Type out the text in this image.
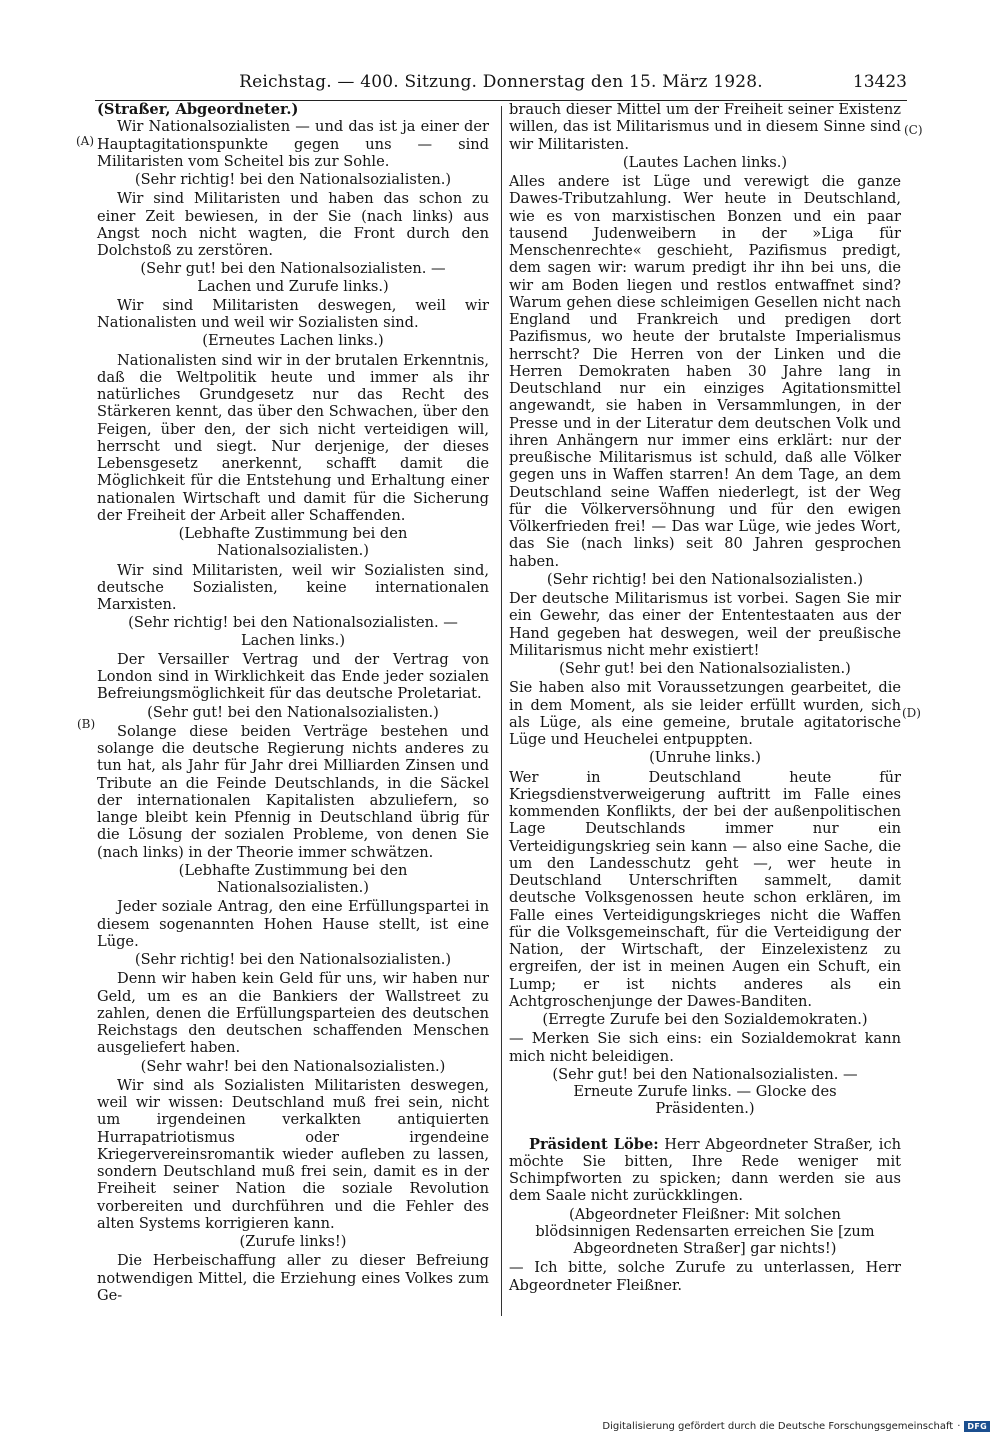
Reichstag. — 400. Sitzung. Donnerstag den 15. März 1928.	13423
(A)
(B)
(C)
(D)

(Straßer, Abgeordneter.)

Wir Nationalsozialisten — und das ist ja einer der Hauptagitationspunkte gegen uns — sind Militaristen vom Scheitel bis zur Sohle.

(Sehr richtig! bei den Nationalsozialisten.)

Wir sind Militaristen und haben das schon zu einer Zeit bewiesen, in der Sie (nach links) aus Angst noch nicht wagten, die Front durch den Dolchstoß zu zerstören.

(Sehr gut! bei den Nationalsozialisten. — Lachen und Zurufe links.)

Wir sind Militaristen deswegen, weil wir Nationalisten und weil wir Sozialisten sind.

(Erneutes Lachen links.)

Nationalisten sind wir in der brutalen Erkenntnis, daß die Weltpolitik heute und immer als ihr natürliches Grundgesetz nur das Recht des Stärkeren kennt, das über den Schwachen, über den Feigen, über den, der sich nicht verteidigen will, herrscht und siegt. Nur derjenige, der dieses Lebensgesetz anerkennt, schafft damit die Möglichkeit für die Entstehung und Erhaltung einer nationalen Wirtschaft und damit für die Sicherung der Freiheit der Arbeit aller Schaffenden.

(Lebhafte Zustimmung bei den Nationalsozialisten.)

Wir sind Militaristen, weil wir Sozialisten sind, deutsche Sozialisten, keine internationalen Marxisten.

(Sehr richtig! bei den Nationalsozialisten. — Lachen links.)

Der Versailler Vertrag und der Vertrag von London sind in Wirklichkeit das Ende jeder sozialen Befreiungsmöglichkeit für das deutsche Proletariat.

(Sehr gut! bei den Nationalsozialisten.)

Solange diese beiden Verträge bestehen und solange die deutsche Regierung nichts anderes zu tun hat, als Jahr für Jahr drei Milliarden Zinsen und Tribute an die Feinde Deutschlands, in die Säckel der internationalen Kapitalisten abzuliefern, so lange bleibt kein Pfennig in Deutschland übrig für die Lösung der sozialen Probleme, von denen Sie (nach links) in der Theorie immer schwätzen.

(Lebhafte Zustimmung bei den Nationalsozialisten.)

Jeder soziale Antrag, den eine Erfüllungspartei in diesem sogenannten Hohen Hause stellt, ist eine Lüge.

(Sehr richtig! bei den Nationalsozialisten.)

Denn wir haben kein Geld für uns, wir haben nur Geld, um es an die Bankiers der Wallstreet zu zahlen, denen die Erfüllungsparteien des deutschen Reichstags den deutschen schaffenden Menschen ausgeliefert haben.

(Sehr wahr! bei den Nationalsozialisten.)

Wir sind als Sozialisten Militaristen deswegen, weil wir wissen: Deutschland muß frei sein, nicht um irgendeinen verkalkten antiquierten Hurrapatriotismus oder irgendeine Kriegervereinsromantik wieder aufleben zu lassen, sondern Deutschland muß frei sein, damit es in der Freiheit seiner Nation die soziale Revolution vorbereiten und durchführen und die Fehler des alten Systems korrigieren kann.

(Zurufe links!)

Die Herbeischaffung aller zu dieser Befreiung notwendigen Mittel, die Erziehung eines Volkes zum Ge-

brauch dieser Mittel um der Freiheit seiner Existenz willen, das ist Militarismus und in diesem Sinne sind wir Militaristen.

(Lautes Lachen links.)

Alles andere ist Lüge und verewigt die ganze Dawes-Tributzahlung. Wer heute in Deutschland, wie es von marxistischen Bonzen und ein paar tausend Judenweibern in der »Liga für Menschenrechte« geschieht, Pazifismus predigt, dem sagen wir: warum predigt ihr ihn bei uns, die wir am Boden liegen und restlos entwaffnet sind? Warum gehen diese schleimigen Gesellen nicht nach England und Frankreich und predigen dort Pazifismus, wo heute der brutalste Imperialismus herrscht? Die Herren von der Linken und die Herren Demokraten haben 30 Jahre lang in Deutschland nur ein einziges Agitationsmittel angewandt, sie haben in Versammlungen, in der Presse und in der Literatur dem deutschen Volk und ihren Anhängern nur immer eins erklärt: nur der preußische Militarismus ist schuld, daß alle Völker gegen uns in Waffen starren! An dem Tage, an dem Deutschland seine Waffen niederlegt, ist der Weg für die Völkerversöhnung und für den ewigen Völkerfrieden frei! — Das war Lüge, wie jedes Wort, das Sie (nach links) seit 80 Jahren gesprochen haben.

(Sehr richtig! bei den Nationalsozialisten.)

Der deutsche Militarismus ist vorbei. Sagen Sie mir ein Gewehr, das einer der Ententestaaten aus der Hand gegeben hat deswegen, weil der preußische Militarismus nicht mehr existiert!

(Sehr gut! bei den Nationalsozialisten.)

Sie haben also mit Voraussetzungen gearbeitet, die in dem Moment, als sie leider erfüllt wurden, sich als Lüge, als eine gemeine, brutale agitatorische Lüge und Heuchelei entpuppten.

(Unruhe links.)

Wer in Deutschland heute für Kriegsdienstverweigerung auftritt im Falle eines kommenden Konflikts, der bei der außenpolitischen Lage Deutschlands immer nur ein Verteidigungskrieg sein kann — also eine Sache, die um den Landesschutz geht —, wer heute in Deutschland Unterschriften sammelt, damit deutsche Volksgenossen heute schon erklären, im Falle eines Verteidigungskrieges nicht die Waffen für die Volksgemeinschaft, für die Verteidigung der Nation, der Wirtschaft, der Einzelexistenz zu ergreifen, der ist in meinen Augen ein Schuft, ein Lump; er ist nichts anderes als ein Achtgroschenjunge der Dawes-Banditen.

(Erregte Zurufe bei den Sozialdemokraten.)

— Merken Sie sich eins: ein Sozialdemokrat kann mich nicht beleidigen.

(Sehr gut! bei den Nationalsozialisten. — Erneute Zurufe links. — Glocke des Präsidenten.)

Präsident Löbe: Herr Abgeordneter Straßer, ich möchte Sie bitten, Ihre Rede weniger mit Schimpfworten zu spicken; dann werden sie aus dem Saale nicht zurückklingen.

(Abgeordneter Fleißner: Mit solchen blödsinnigen Redensarten erreichen Sie [zum Abgeordneten Straßer] gar nichts!)

— Ich bitte, solche Zurufe zu unterlassen, Herr Abgeordneter Fleißner.

Digitalisierung gefördert durch die Deutsche Forschungsgemeinschaft · DFG
